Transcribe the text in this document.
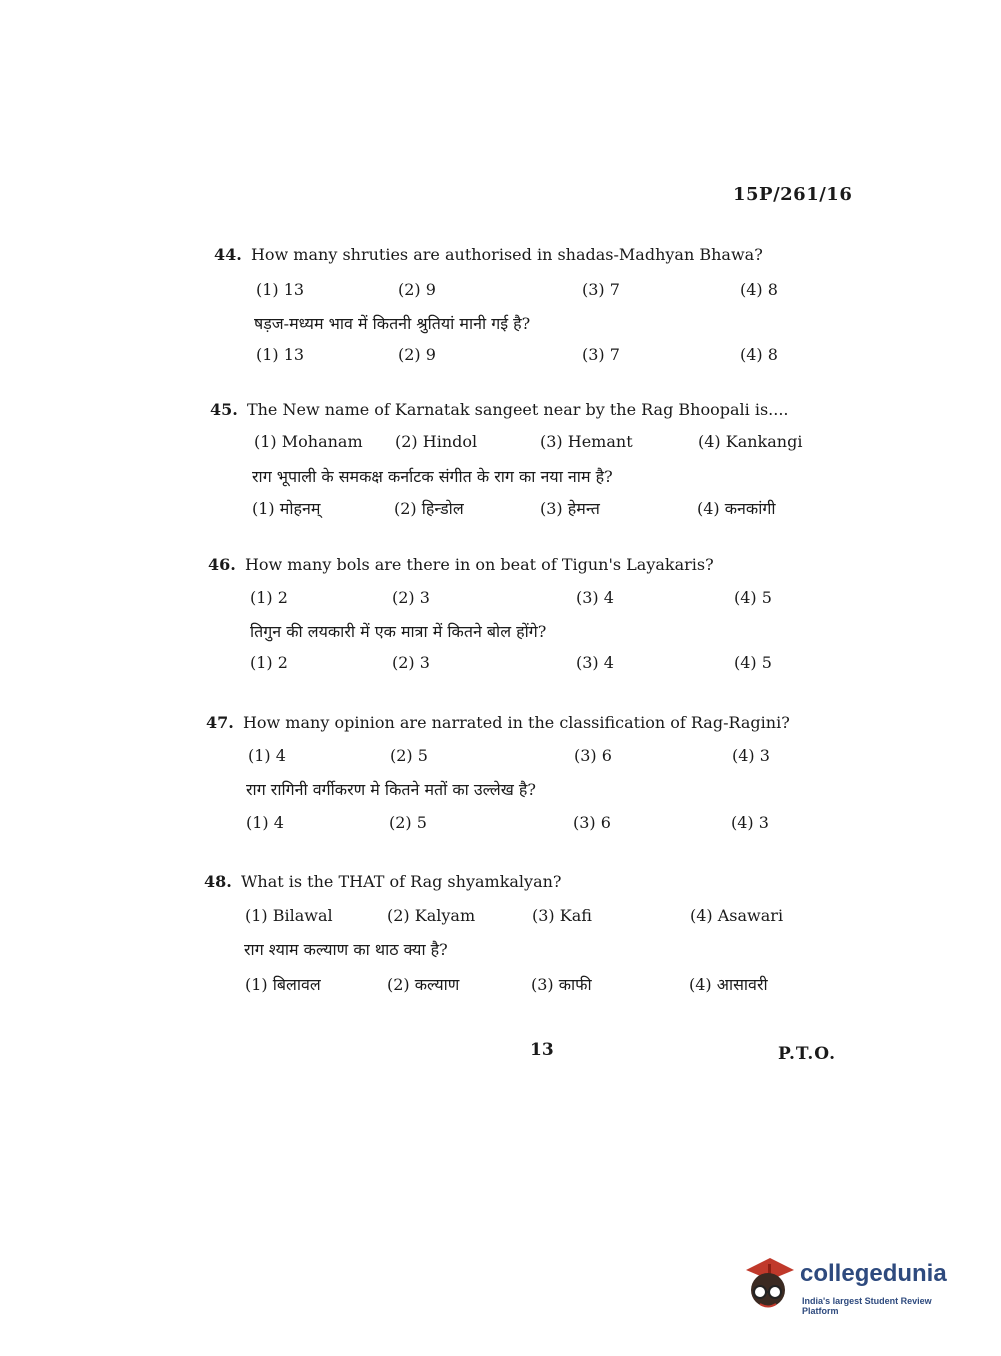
15P/261/16
44. How many shruties are authorised in shadas-Madhyan Bhawa?
(1) 13	(2) 9	(3) 7	(4) 8
षड़ज-मध्यम भाव में कितनी श्रुतियां मानी गई है?
(1) 13	(2) 9	(3) 7	(4) 8
45. The New name of Karnatak sangeet near by the Rag Bhoopali is....
(1) Mohanam (2) Hindol	(3) Hemant	(4) Kankangi
राग भूपाली के समकक्ष कर्नाटक संगीत के राग का नया नाम है?
(1) मोहनम्	(2) हिन्डोल	(3) हेमन्त	(4) कनकांगी
46. How many bols are there in on beat of Tigun's Layakaris?
(1) 2	(2) 3	(3) 4	(4) 5
तिगुन की लयकारी में एक मात्रा में कितने बोल होंगे?
(1) 2	(2) 3	(3) 4	(4) 5
47. How many opinion are narrated in the classification of Rag-Ragini?
(1) 4	(2) 5	(3) 6	(4) 3
राग रागिनी वर्गीकरण मे कितने मतों का उल्लेख है?
(1) 4	(2) 5	(3) 6	(4) 3
48. What is the THAT of Rag shyamkalyan?
(1) Bilawal	(2) Kalyam	(3) Kafi	(4) Asawari
राग श्याम कल्याण का थाठ क्या है?
(1) बिलावल	(2) कल्याण	(3) काफी	(4) आसावरी
13	P.T.O.
collegedunia
India's largest Student Review Platform
